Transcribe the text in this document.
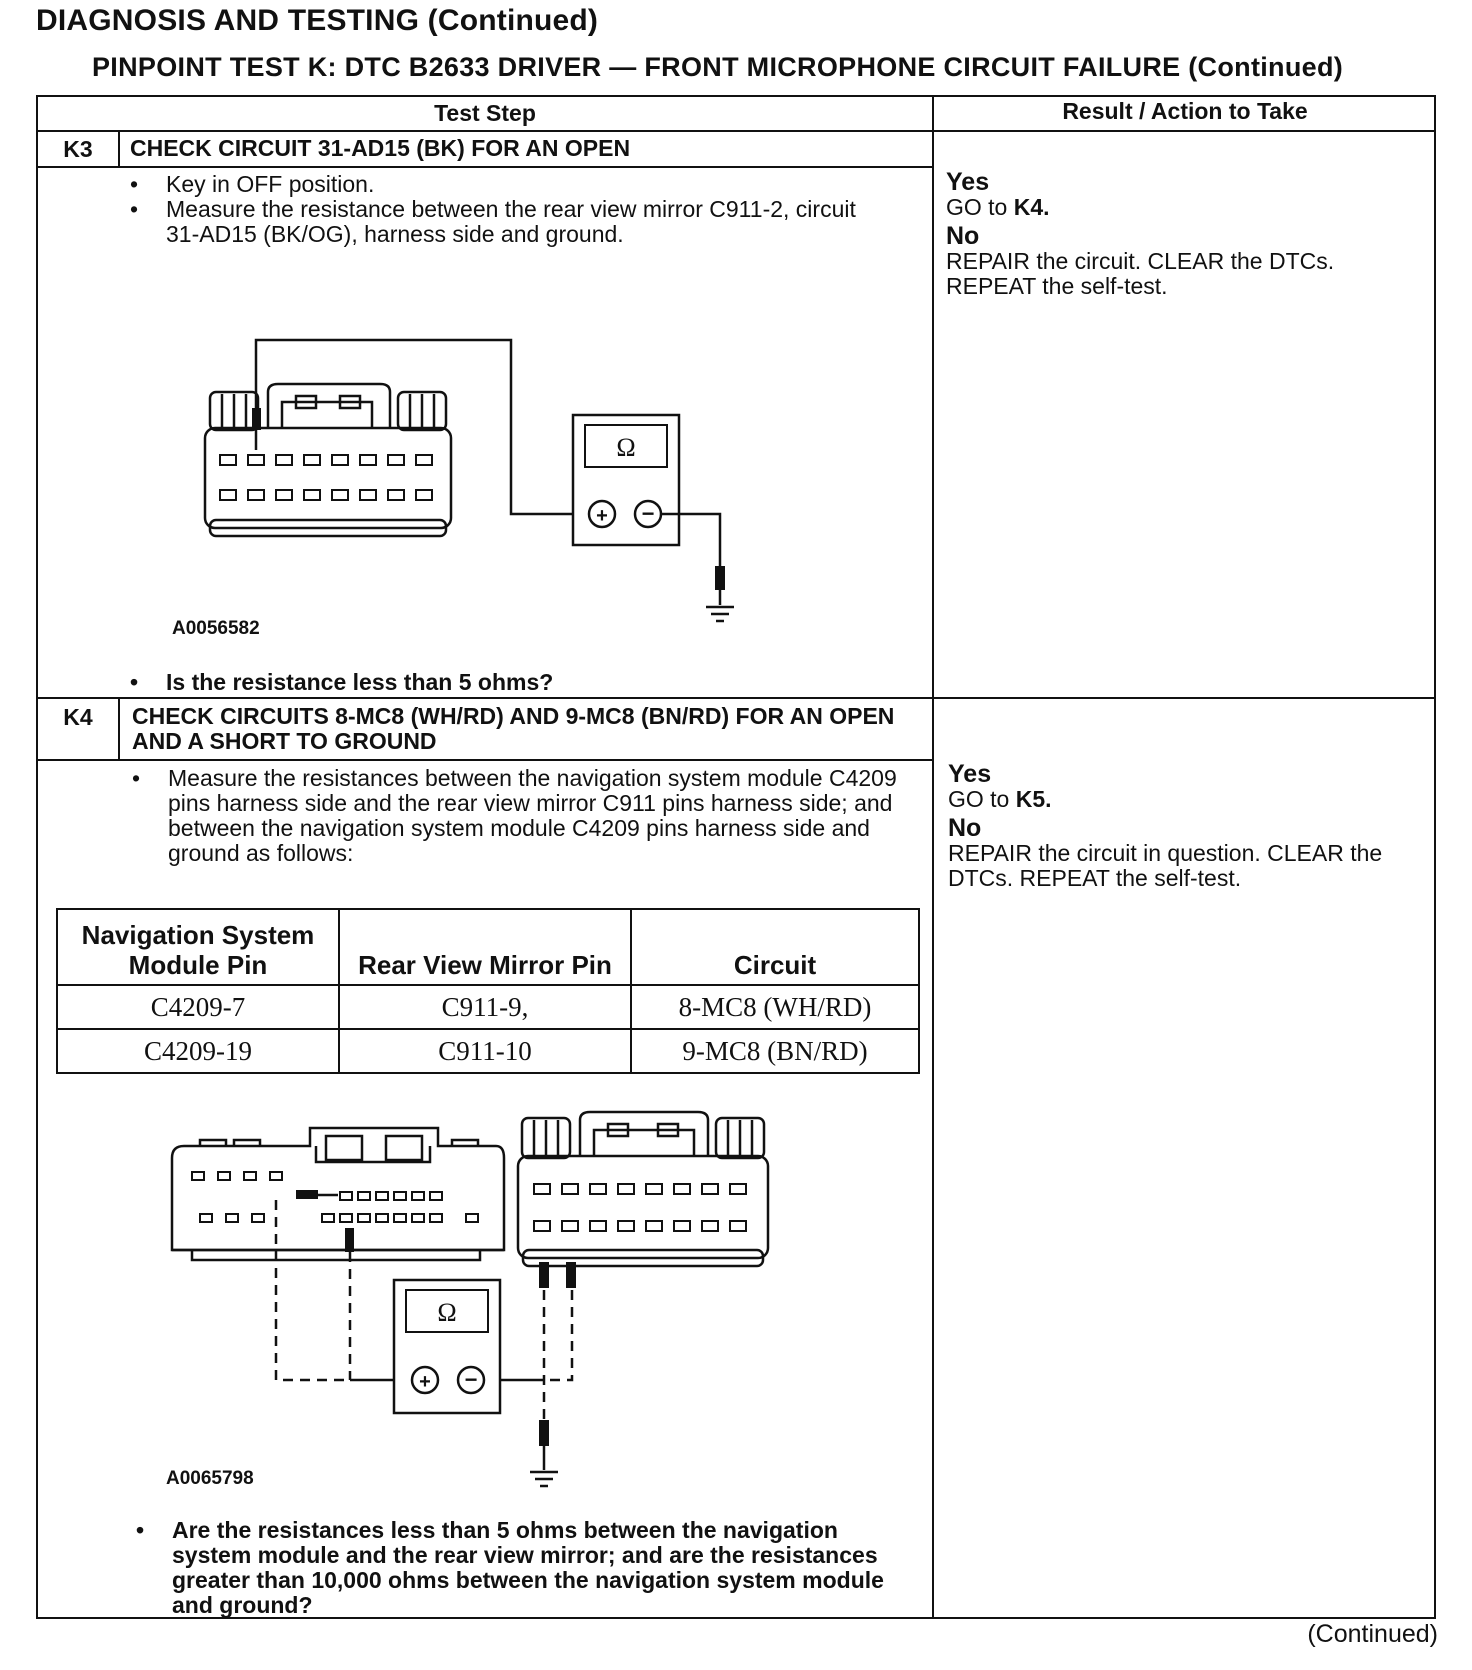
DIAGNOSIS AND TESTING (Continued)
PINPOINT TEST K: DTC B2633 DRIVER — FRONT MICROPHONE CIRCUIT FAILURE (Continued)
Test Step	Result / Action to Take
K3	CHECK CIRCUIT 31-AD15 (BK) FOR AN OPEN
• Key in OFF position.
• Measure the resistance between the rear view mirror C911-2, circuit 31-AD15 (BK/OG), harness side and ground.
Ω
+ −
A0056582
• Is the resistance less than 5 ohms?
Yes
GO to K4.
No
REPAIR the circuit. CLEAR the DTCs. REPEAT the self-test.
K4	CHECK CIRCUITS 8-MC8 (WH/RD) AND 9-MC8 (BN/RD) FOR AN OPEN AND A SHORT TO GROUND
• Measure the resistances between the navigation system module C4209 pins harness side and the rear view mirror C911 pins harness side; and between the navigation system module C4209 pins harness side and ground as follows:
Navigation System Module Pin	Rear View Mirror Pin	Circuit
C4209-7	C911-9,	8-MC8 (WH/RD)
C4209-19	C911-10	9-MC8 (BN/RD)
Ω
+ −
A0065798
• Are the resistances less than 5 ohms between the navigation system module and the rear view mirror; and are the resistances greater than 10,000 ohms between the navigation system module and ground?
Yes
GO to K5.
No
REPAIR the circuit in question. CLEAR the DTCs. REPEAT the self-test.
(Continued)
